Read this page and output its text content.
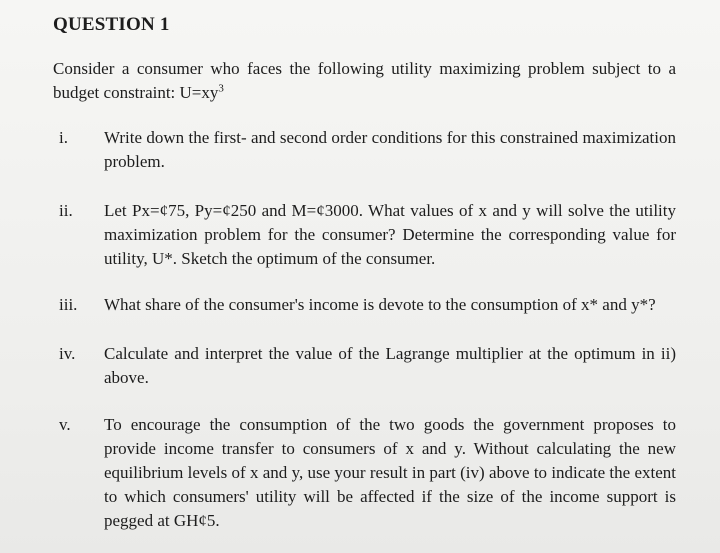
QUESTION 1
Consider a consumer who faces the following utility maximizing problem subject to a budget constraint: $U=xy^3$
i. Write down the first- and second order conditions for this constrained maximization problem.
ii. Let Px=¢75, Py=¢250 and M=¢3000. What values of x and y will solve the utility maximization problem for the consumer? Determine the corresponding value for utility, U*. Sketch the optimum of the consumer.
iii. What share of the consumer's income is devote to the consumption of x* and y*?
iv. Calculate and interpret the value of the Lagrange multiplier at the optimum in ii) above.
v. To encourage the consumption of the two goods the government proposes to provide income transfer to consumers of x and y. Without calculating the new equilibrium levels of x and y, use your result in part (iv) above to indicate the extent to which consumers' utility will be affected if the size of the income support is pegged at GH¢5.
